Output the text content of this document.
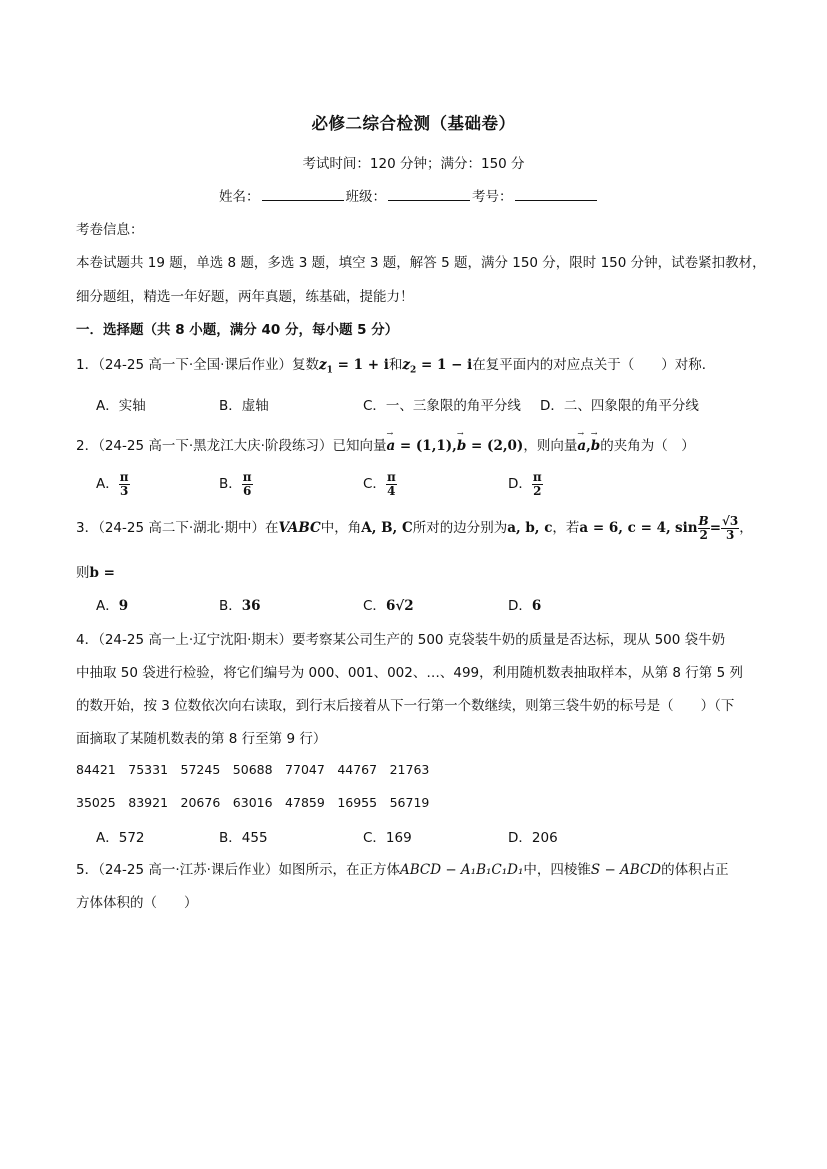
必修二综合检测（基础卷）
考试时间：120 分钟；满分：150 分
姓名：	班级：	考号：
考卷信息：
本卷试题共 19 题，单选 8 题，多选 3 题，填空 3 题，解答 5 题，满分 150 分，限时 150 分钟，试卷紧扣教材，
细分题组，精选一年好题，两年真题，练基础，提能力！
一．选择题（共 8 小题，满分 40 分，每小题 5 分）
1．（24-25 高一下·全国·课后作业）复数$z_1 = 1 + i$和$z_2 = 1 - i$在复平面内的对应点关于（　　）对称．
A．实轴	B．虚轴	C．一、三象限的角平分线 D．二、四象限的角平分线
2．（24-25 高一下·黑龙江大庆·阶段练习）已知向量→ a = (1,1),→ b = (2,0)，则向量→ a,→ b的夹角为（　）
A． $\frac{\pi}{3}$	B． $\frac{\pi}{6}$	C． $\frac{\pi}{4}$	D． $\frac{\pi}{2}$
3．（24-25 高二下·湖北·期中）在VABC中，角A, B, C所对的边分别为a, b, c，若a = 6, c = 4, $\sin \frac{B}{2} = \frac{√3}{3}$ ，
则b =
A．9	B．36	C．6√2	D．6
4．（24-25 高一上·辽宁沈阳·期末）要考察某公司生产的 500 克袋装牛奶的质量是否达标，现从 500 袋牛奶
中抽取 50 袋进行检验，将它们编号为 000、001、002、…、499，利用随机数表抽取样本，从第 8 行第 5 列
的数开始，按 3 位数依次向右读取，到行末后接着从下一行第一个数继续，则第三袋牛奶的标号是（　　）（下
面摘取了某随机数表的第 8 行至第 9 行）
84421　75331　57245　50688　77047　44767　21763
35025　83921　20676　63016　47859　16955　56719
A．572	B．455	C．169	D．206
5．（24-25 高一·江苏·课后作业）如图所示，在正方体ABCD − A₁B₁C₁D₁中，四棱锥S − ABCD的体积占正
方体体积的（　　）
